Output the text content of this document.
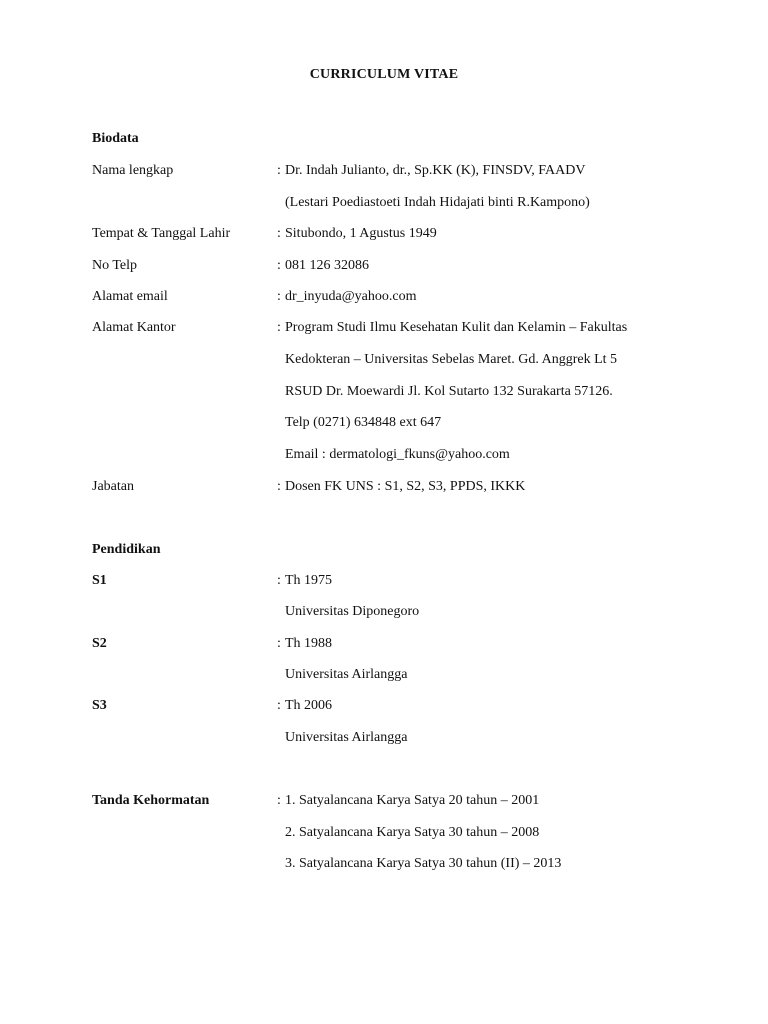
CURRICULUM VITAE
Biodata
Nama lengkap	: Dr. Indah Julianto, dr., Sp.KK (K), FINSDV, FAADV
(Lestari Poediastoeti Indah Hidajati binti R.Kampono)
Tempat & Tanggal Lahir	: Situbondo, 1 Agustus 1949
No Telp	: 081 126 32086
Alamat email	: dr_inyuda@yahoo.com
Alamat Kantor	: Program Studi Ilmu Kesehatan Kulit dan Kelamin – Fakultas
Kedokteran – Universitas Sebelas Maret. Gd. Anggrek Lt 5
RSUD Dr. Moewardi Jl. Kol Sutarto 132 Surakarta 57126.
Telp (0271) 634848 ext 647
Email : dermatologi_fkuns@yahoo.com
Jabatan	: Dosen FK UNS : S1, S2, S3, PPDS, IKKK
Pendidikan
S1	: Th 1975
Universitas Diponegoro
S2	: Th 1988
Universitas Airlangga
S3	: Th 2006
Universitas Airlangga
Tanda Kehormatan	: 1. Satyalancana Karya Satya 20 tahun – 2001
2. Satyalancana Karya Satya 30 tahun – 2008
3. Satyalancana Karya Satya 30 tahun (II) – 2013
